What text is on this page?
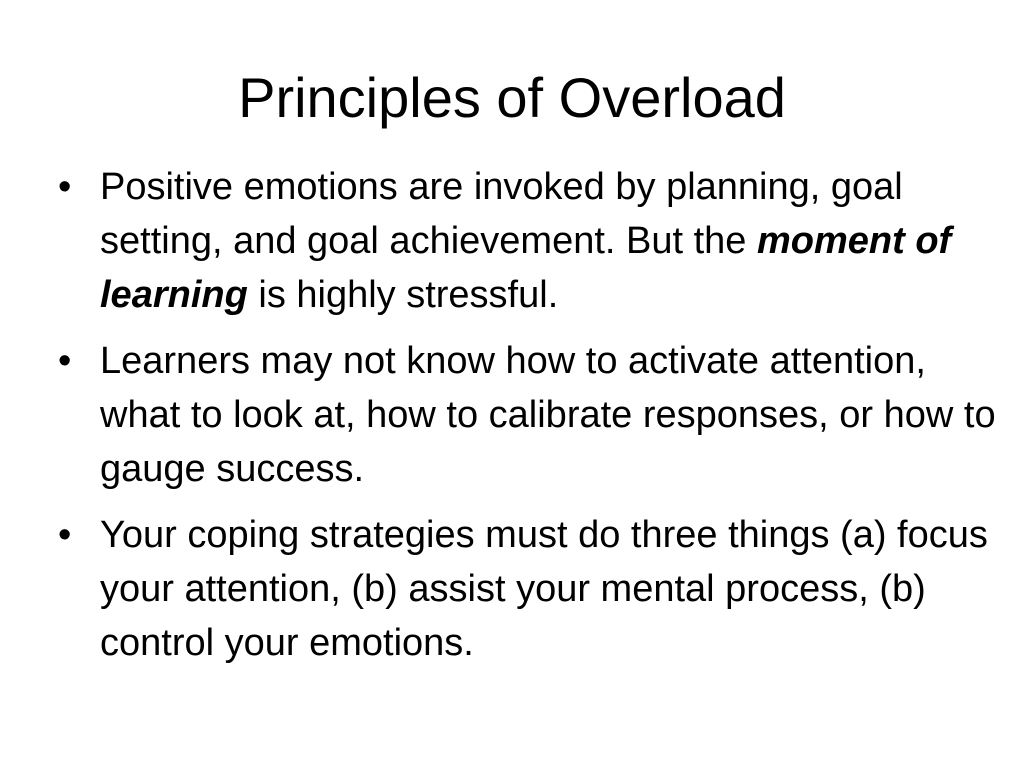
Principles of Overload
• Positive emotions are invoked by planning, goal setting, and goal achievement. But the moment of learning is highly stressful.
• Learners may not know how to activate attention, what to look at, how to calibrate responses, or how to gauge success.
• Your coping strategies must do three things (a) focus your attention, (b) assist your mental process, (b) control your emotions.
